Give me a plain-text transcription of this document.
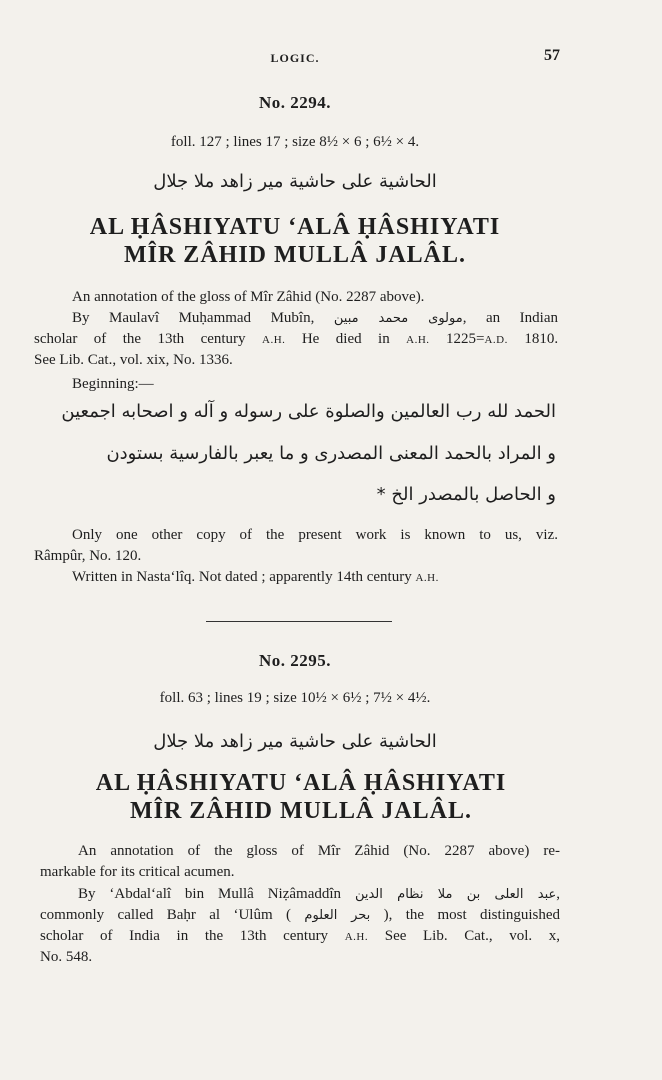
LOGIC.	57
No. 2294.
foll. 127 ; lines 17 ; size 8½ × 6 ; 6½ × 4.
الحاشية على حاشية مير زاهد ملا جلال
AL ḤÂSHIYATU ‘ALÂ ḤÂSHIYATI
MÎR ZÂHID MULLÂ JALÂL.
An annotation of the gloss of Mîr Zâhid (No. 2287 above).
By Maulavî Muḥammad Mubîn, مولوى محمد مبين, an Indian
scholar of the 13th century A.H. He died in A.H. 1225=A.D. 1810.
See Lib. Cat., vol. xix, No. 1336.
Beginning:—
الحمد لله رب العالمين والصلوة على رسوله و آله و اصحابه اجمعين
و المراد بالحمد المعنى المصدرى و ما يعبر بالفارسية بستودن
و الحاصل بالمصدر الخ *
Only one other copy of the present work is known to us, viz.
Râmpûr, No. 120.
Written in Nasta‘lîq. Not dated ; apparently 14th century A.H.
No. 2295.
foll. 63 ; lines 19 ; size 10½ × 6½ ; 7½ × 4½.
الحاشية على حاشية مير زاهد ملا جلال
AL ḤÂSHIYATU ‘ALÂ ḤÂSHIYATI
MÎR ZÂHID MULLÂ JALÂL.
An annotation of the gloss of Mîr Zâhid (No. 2287 above) re-
markable for its critical acumen.
By ‘Abdal‘alî bin Mullâ Niẓâmaddîn عبد العلى بن ملا نظام الدين,
commonly called Baḥr al ‘Ulûm ( بحر العلوم ), the most distinguished
scholar of India in the 13th century A.H. See Lib. Cat., vol. x,
No. 548.
